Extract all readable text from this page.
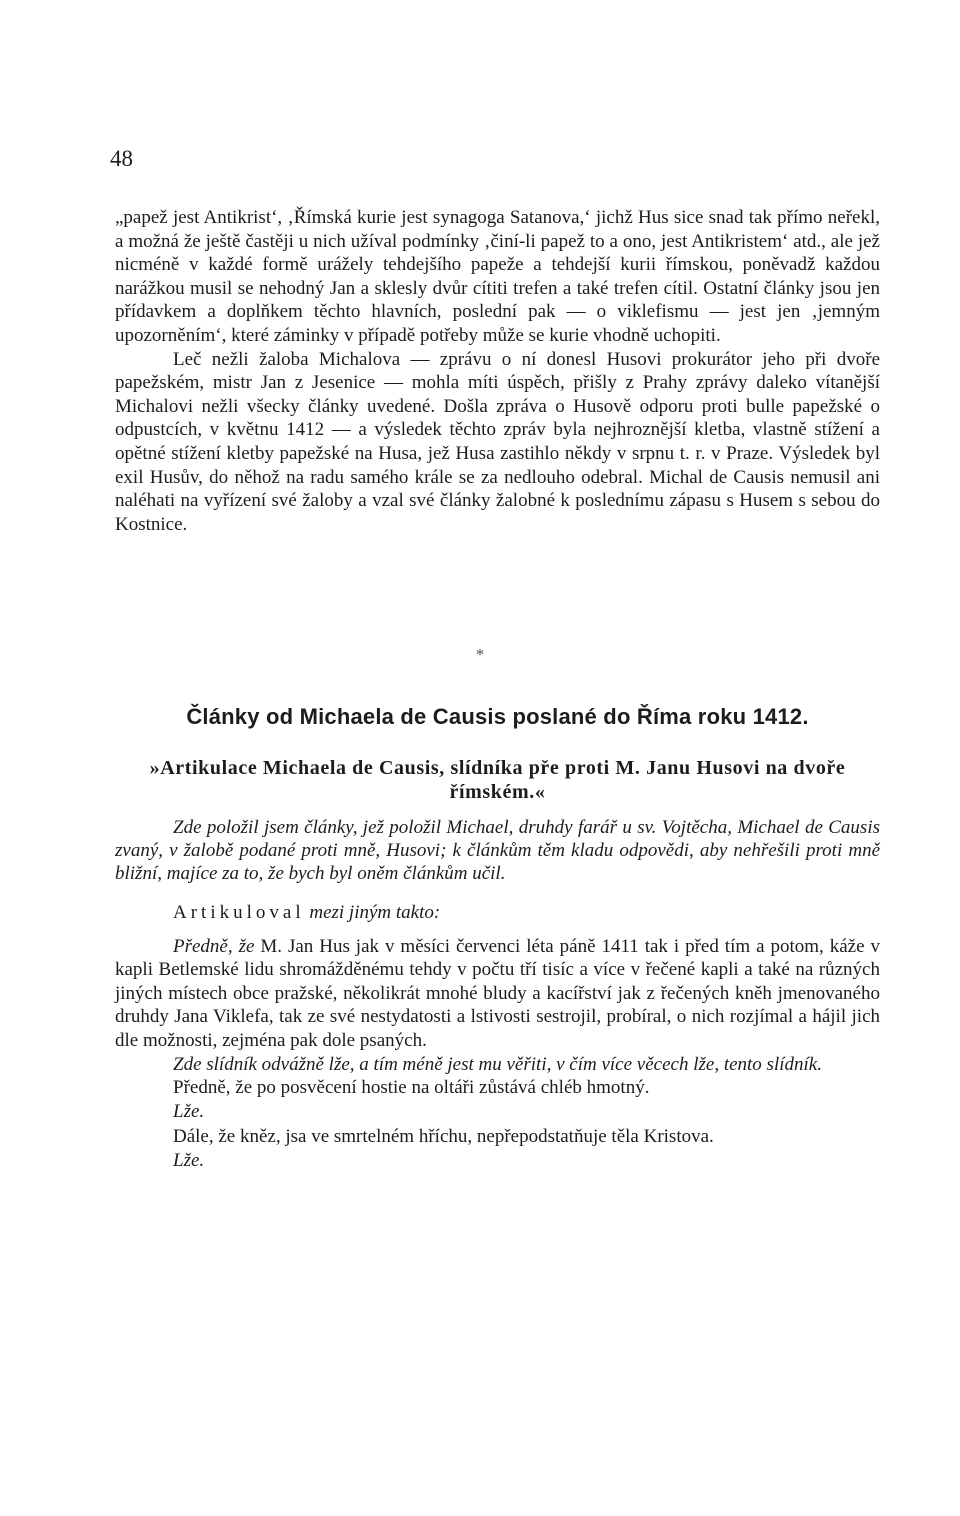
48

„papež jest Antikrist‘, ‚Římská kurie jest synagoga Satanova,‘ jichž Hus sice snad tak přímo neřekl, a možná že ještě častěji u nich užíval podmínky ‚činí-li papež to a ono, jest Antikristem‘ atd., ale jež nicméně v každé formě urážely tehdejšího papeže a tehdejší kurii římskou, poněvadž každou narážkou musil se nehodný Jan a sklesly dvůr cítiti trefen a také trefen cítil. Ostatní články jsou jen přídavkem a doplňkem těchto hlavních, poslední pak — o viklefismu — jest jen ‚jemným upozorněním‘, které záminky v případě potřeby může se kurie vhodně uchopiti.

Leč nežli žaloba Michalova — zprávu o ní donesl Husovi prokurátor jeho při dvoře papežském, mistr Jan z Jesenice — mohla míti úspěch, přišly z Prahy zprávy daleko vítanější Michalovi nežli všecky články uvedené. Došla zpráva o Husově odporu proti bulle papežské o odpustcích, v květnu 1412 — a výsledek těchto zpráv byla nejhroznější kletba, vlastně stížení a opětné stížení kletby papežské na Husa, jež Husa zastihlo někdy v srpnu t. r. v Praze. Výsledek byl exil Husův, do něhož na radu samého krále se za nedlouho odebral. Michal de Causis nemusil ani naléhati na vyřízení své žaloby a vzal své články žalobné k poslednímu zápasu s Husem s sebou do Kostnice.

*
Články od Michaela de Causis poslané do Říma roku 1412.
»Artikulace Michaela de Causis, slídníka pře proti M. Janu Husovi na dvoře římském.«

Zde položil jsem články, jež položil Michael, druhdy farář u sv. Vojtěcha, Michael de Causis zvaný, v žalobě podané proti mně, Husovi; k článkům těm kladu odpovědi, aby nehřešili proti mně bližní, majíce za to, že bych byl oněm článkům učil.

Artikuloval mezi jiným takto:

Předně, že M. Jan Hus jak v měsíci červenci léta páně 1411 tak i před tím a potom, káže v kapli Betlemské lidu shromážděnému tehdy v počtu tří tisíc a více v řečené kapli a také na různých jiných místech obce pražské, několikrát mnohé bludy a kacířství jak z řečených kněh jmenovaného druhdy Jana Viklefa, tak ze své nestydatosti a lstivosti sestrojil, probíral, o nich rozjímal a hájil jich dle možnosti, zejména pak dole psaných.

Zde slídník odvážně lže, a tím méně jest mu věřiti, v čím více věcech lže, tento slídník.

Předně, že po posvěcení hostie na oltáři zůstává chléb hmotný.

Lže.

Dále, že kněz, jsa ve smrtelném hříchu, nepřepodstatňuje těla Kristova.

Lže.
